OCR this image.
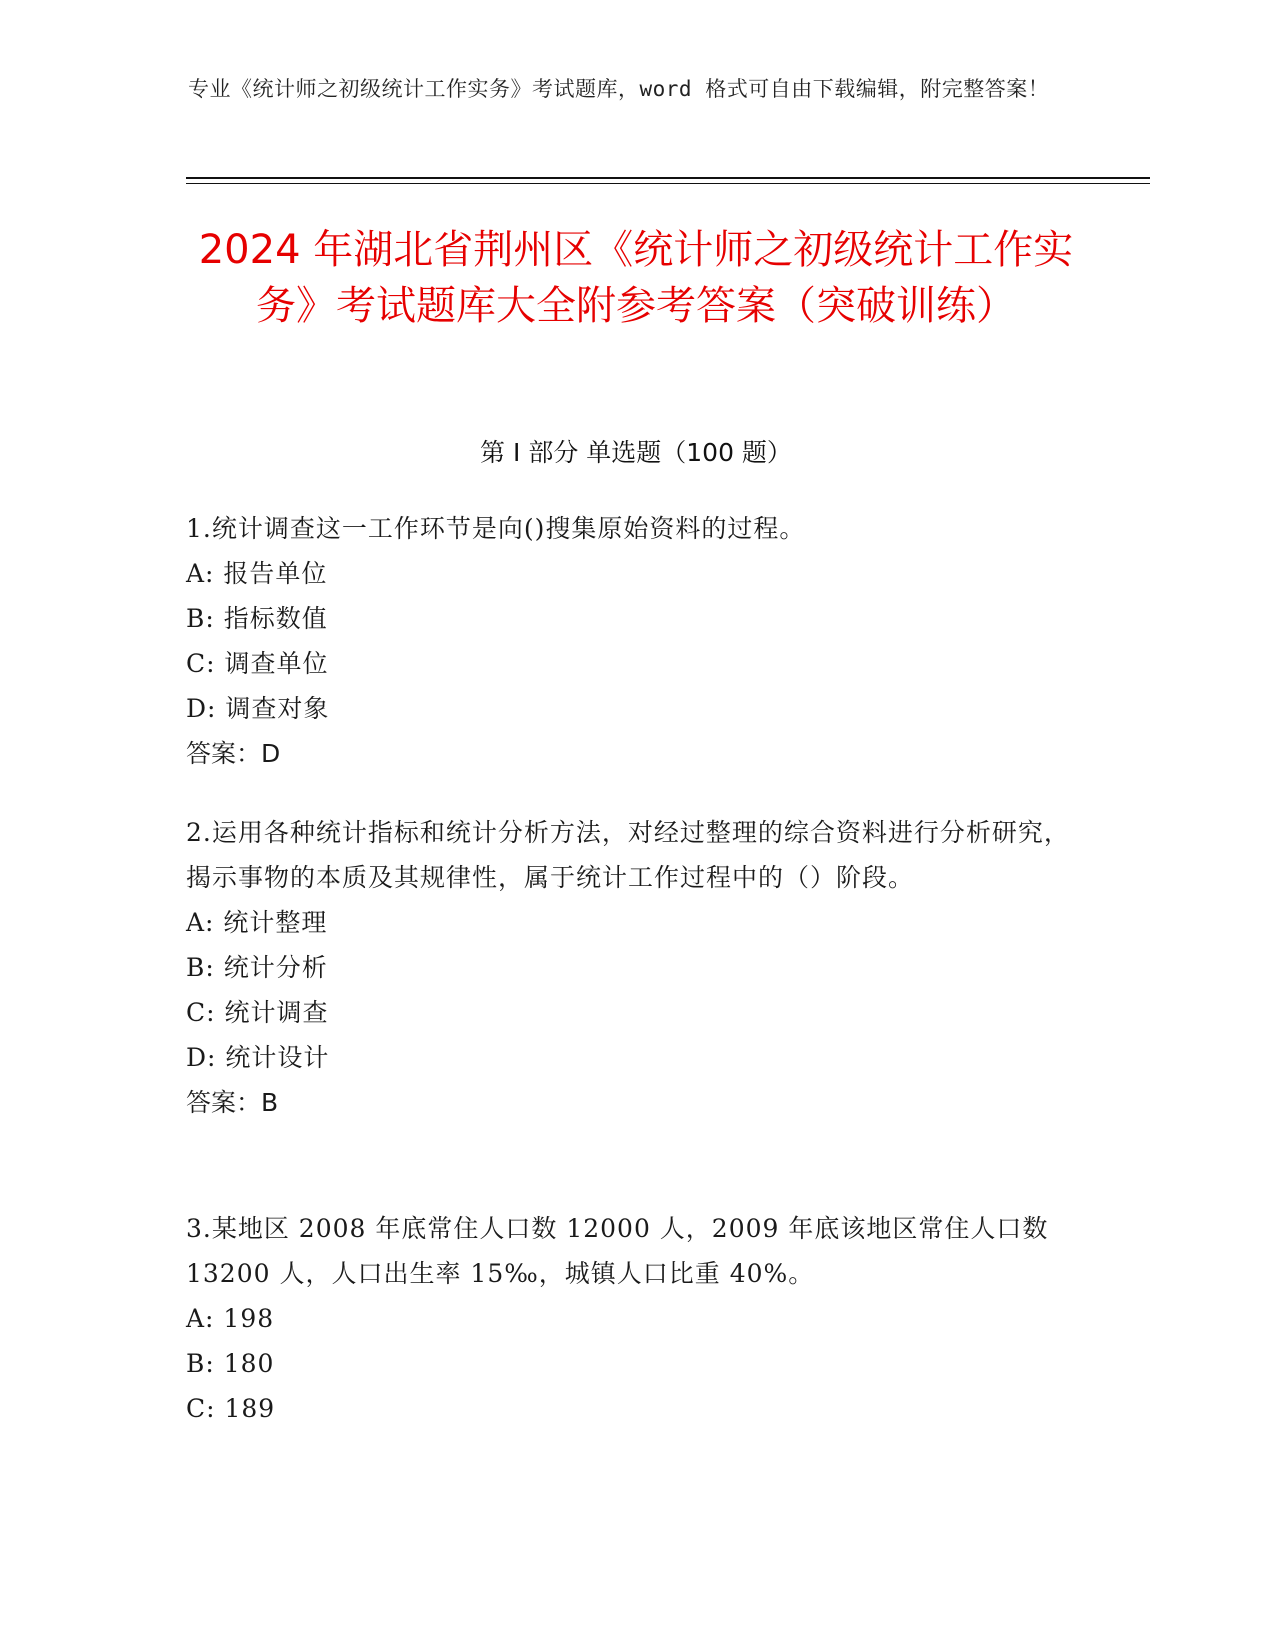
专业《统计师之初级统计工作实务》考试题库，word 格式可自由下载编辑，附完整答案！
2024 年湖北省荆州区《统计师之初级统计工作实务》考试题库大全附参考答案（突破训练）
第 I 部分 单选题（100 题）
1.统计调查这一工作环节是向()搜集原始资料的过程。
A: 报告单位
B: 指标数值
C: 调查单位
D: 调查对象
答案：D
2.运用各种统计指标和统计分析方法，对经过整理的综合资料进行分析研究，揭示事物的本质及其规律性，属于统计工作过程中的（）阶段。
A: 统计整理
B: 统计分析
C: 统计调查
D: 统计设计
答案：B
3.某地区 2008 年底常住人口数 12000 人，2009 年底该地区常住人口数 13200 人，人口出生率 15‰，城镇人口比重 40%。
A: 198
B: 180
C: 189
